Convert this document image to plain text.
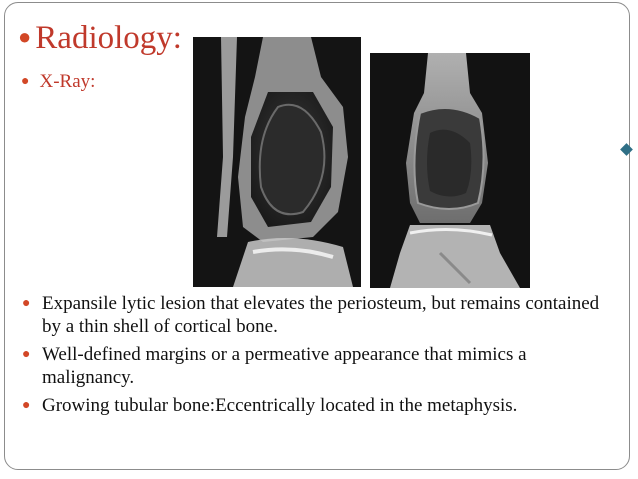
● Radiology:
● X-Ray:
● Expansile lytic lesion that elevates the periosteum, but remains contained by a thin shell of cortical bone.
● Well-defined margins or a permeative appearance that mimics a malignancy.
● Growing tubular bone:Eccentrically located in the metaphysis.
